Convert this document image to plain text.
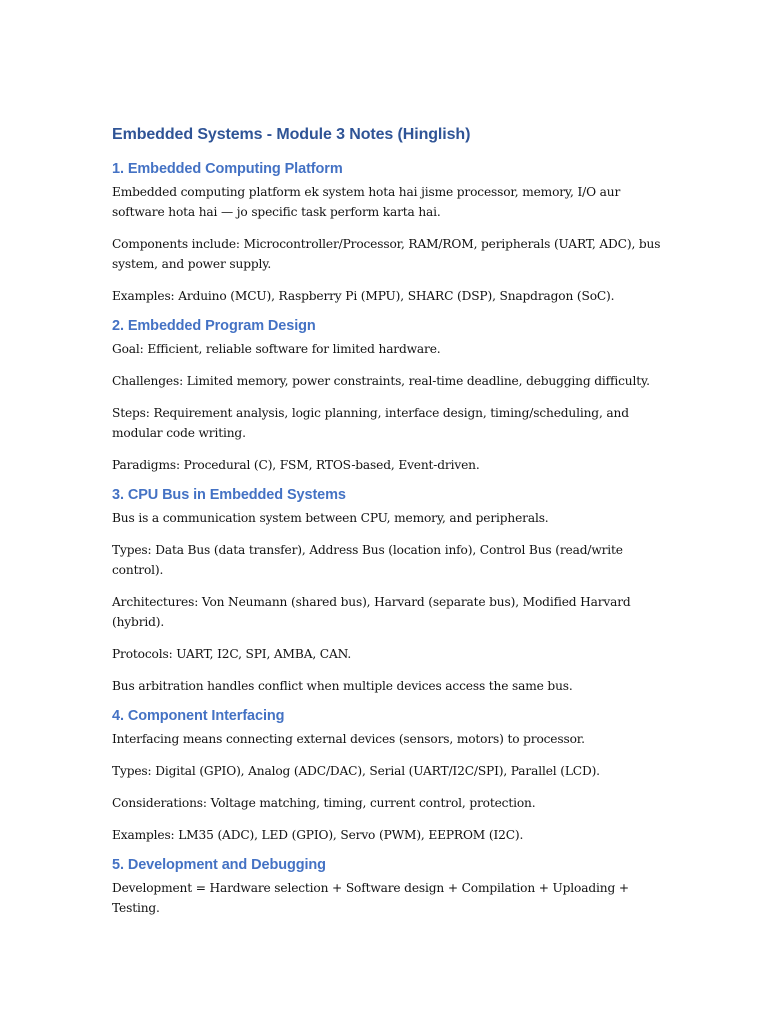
Embedded Systems - Module 3 Notes (Hinglish)
1. Embedded Computing Platform

Embedded computing platform ek system hota hai jisme processor, memory, I/O aur software hota hai — jo specific task perform karta hai.

Components include: Microcontroller/Processor, RAM/ROM, peripherals (UART, ADC), bus system, and power supply.

Examples: Arduino (MCU), Raspberry Pi (MPU), SHARC (DSP), Snapdragon (SoC).

2. Embedded Program Design

Goal: Efficient, reliable software for limited hardware.

Challenges: Limited memory, power constraints, real-time deadline, debugging difficulty.

Steps: Requirement analysis, logic planning, interface design, timing/scheduling, and modular code writing.

Paradigms: Procedural (C), FSM, RTOS-based, Event-driven.

3. CPU Bus in Embedded Systems

Bus is a communication system between CPU, memory, and peripherals.

Types: Data Bus (data transfer), Address Bus (location info), Control Bus (read/write control).

Architectures: Von Neumann (shared bus), Harvard (separate bus), Modified Harvard (hybrid).

Protocols: UART, I2C, SPI, AMBA, CAN.

Bus arbitration handles conflict when multiple devices access the same bus.

4. Component Interfacing

Interfacing means connecting external devices (sensors, motors) to processor.

Types: Digital (GPIO), Analog (ADC/DAC), Serial (UART/I2C/SPI), Parallel (LCD).

Considerations: Voltage matching, timing, current control, protection.

Examples: LM35 (ADC), LED (GPIO), Servo (PWM), EEPROM (I2C).

5. Development and Debugging

Development = Hardware selection + Software design + Compilation + Uploading + Testing.
